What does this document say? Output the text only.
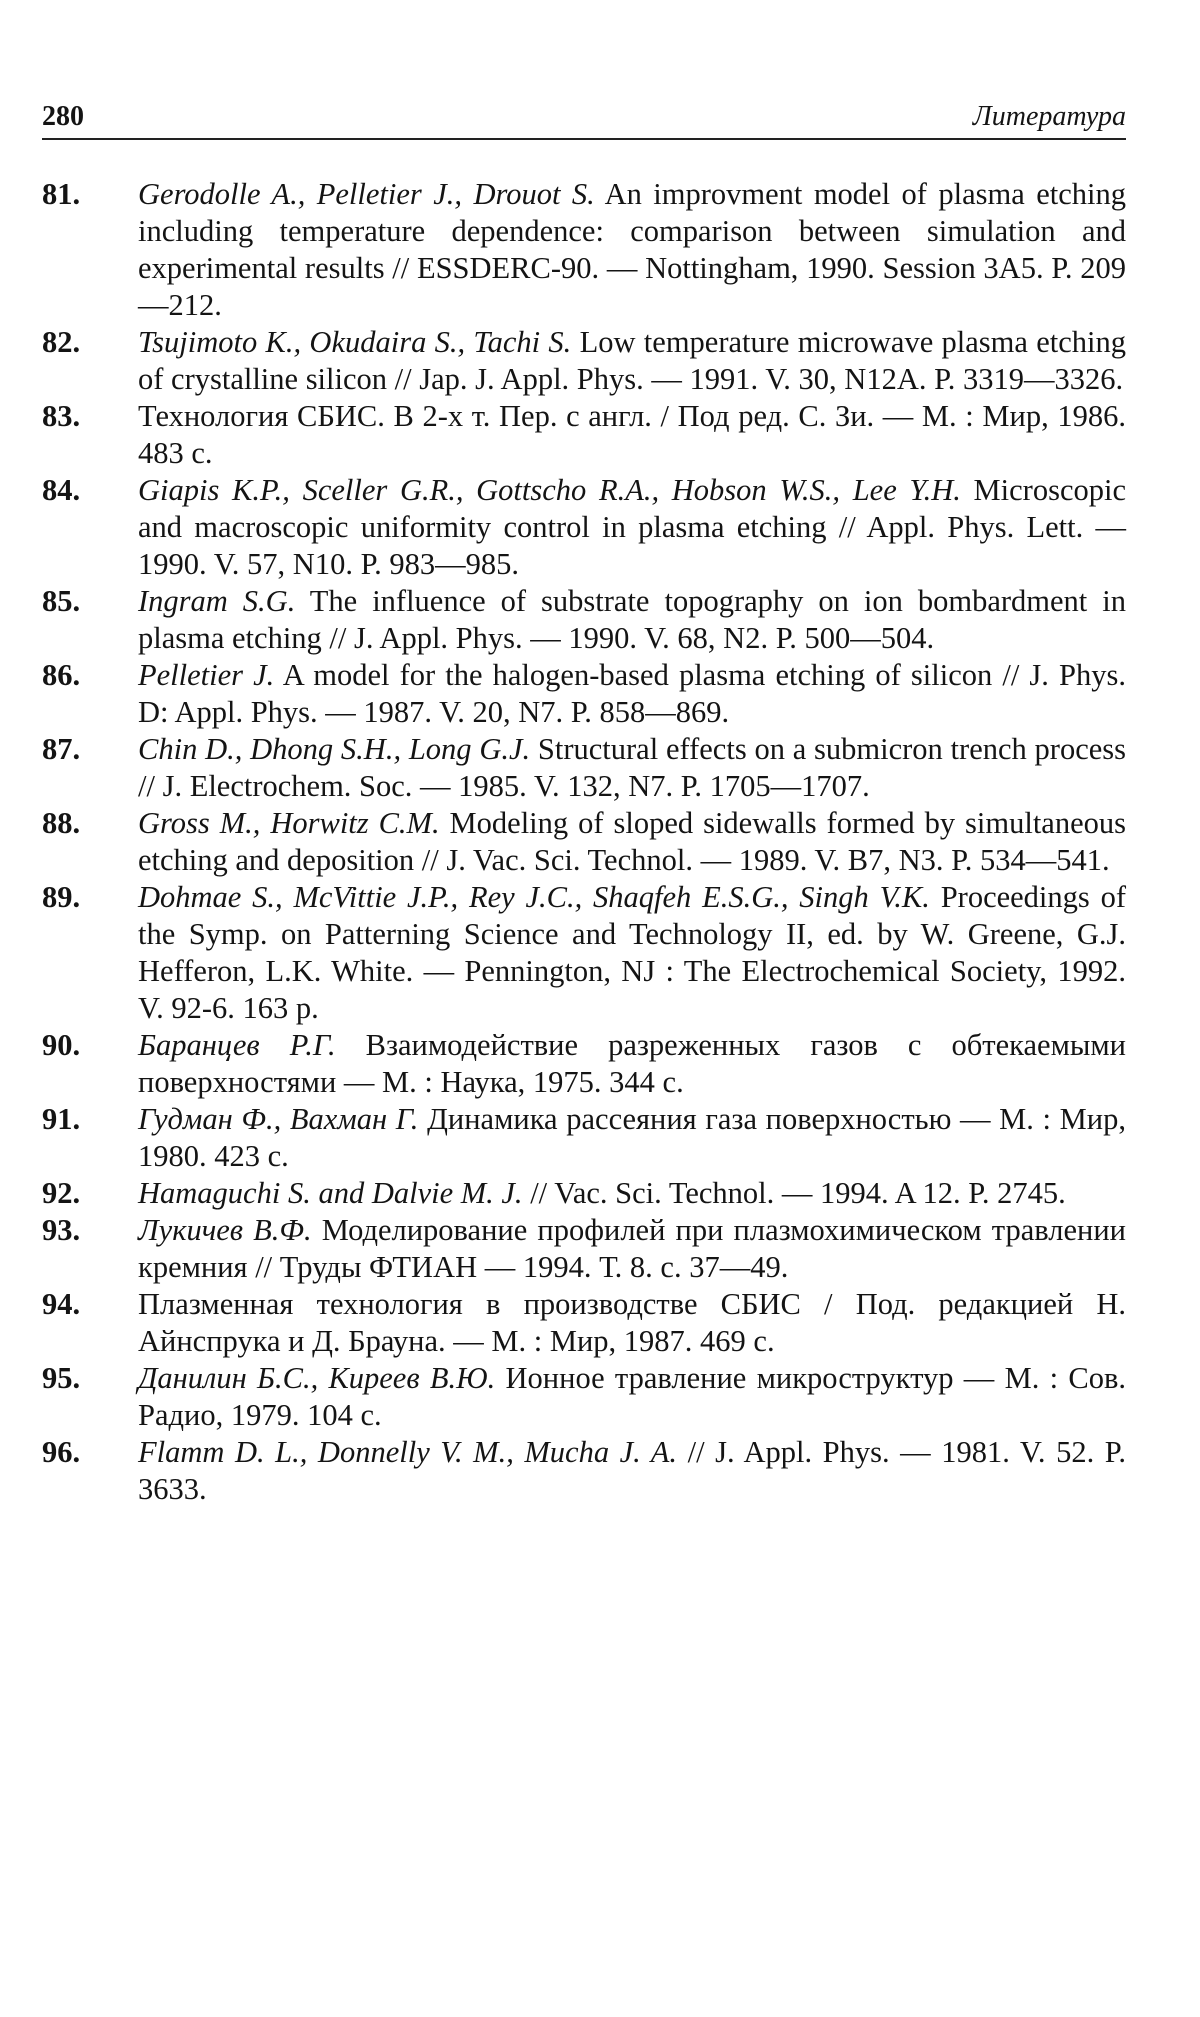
280	Литература
81. Gerodolle A., Pelletier J., Drouot S. An improvment model of plasma etching including temperature dependence: comparison between simulation and experimental results // ESSDERC-90. — Nottingham, 1990. Session 3A5. P. 209—212.
82. Tsujimoto K., Okudaira S., Tachi S. Low temperature microwave plasma etching of crystalline silicon // Jap. J. Appl. Phys. — 1991. V. 30, N12A. P. 3319—3326.
83. Технология СБИС. В 2-х т. Пер. с англ. / Под ред. С. Зи. — М. : Мир, 1986. 483 с.
84. Giapis K.P., Sceller G.R., Gottscho R.A., Hobson W.S., Lee Y.H. Microscopic and macroscopic uniformity control in plasma etching // Appl. Phys. Lett. — 1990. V. 57, N10. P. 983—985.
85. Ingram S.G. The influence of substrate topography on ion bombardment in plasma etching // J. Appl. Phys. — 1990. V. 68, N2. P. 500—504.
86. Pelletier J. A model for the halogen-based plasma etching of silicon // J. Phys. D: Appl. Phys. — 1987. V. 20, N7. P. 858—869.
87. Chin D., Dhong S.H., Long G.J. Structural effects on a submicron trench process // J. Electrochem. Soc. — 1985. V. 132, N7. P. 1705—1707.
88. Gross M., Horwitz C.M. Modeling of sloped sidewalls formed by simultaneous etching and deposition // J. Vac. Sci. Technol. — 1989. V. B7, N3. P. 534—541.
89. Dohmae S., McVittie J.P., Rey J.C., Shaqfeh E.S.G., Singh V.K. Proceedings of the Symp. on Patterning Science and Technology II, ed. by W. Greene, G.J. Hefferon, L.K. White. — Pennington, NJ : The Electrochemical Society, 1992. V. 92-6. 163 p.
90. Баранцев Р.Г. Взаимодействие разреженных газов с обтекаемыми поверхностями — М. : Наука, 1975. 344 с.
91. Гудман Ф., Вахман Г. Динамика рассеяния газа поверхностью — М. : Мир, 1980. 423 с.
92. Hamaguchi S. and Dalvie M. J. // Vac. Sci. Technol. — 1994. A 12. P. 2745.
93. Лукичев В.Ф. Моделирование профилей при плазмохимическом травлении кремния // Труды ФТИАН — 1994. Т. 8. с. 37—49.
94. Плазменная технология в производстве СБИС / Под. редакцией Н. Айнспрука и Д. Брауна. — М. : Мир, 1987. 469 с.
95. Данилин Б.С., Киреев В.Ю. Ионное травление микроструктур — М. : Сов. Радио, 1979. 104 с.
96. Flamm D. L., Donnelly V. M., Mucha J. A. // J. Appl. Phys. — 1981. V. 52. P. 3633.
